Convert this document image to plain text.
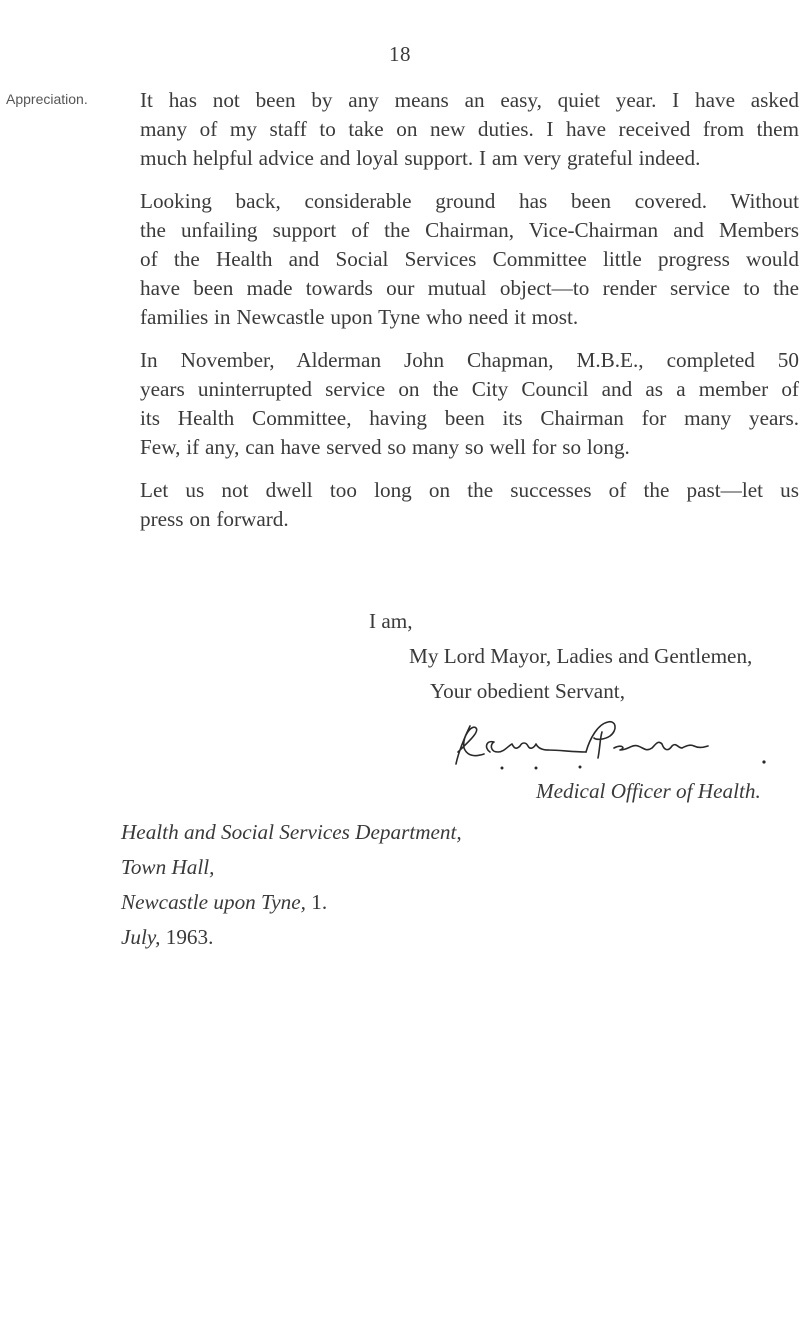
18
Appreciation.	It has not been by any means an easy, quiet year. I have asked
many of my staff to take on new duties. I have received from them
much helpful advice and loyal support. I am very grateful indeed.

Looking back, considerable ground has been covered. Without
the unfailing support of the Chairman, Vice-Chairman and Members
of the Health and Social Services Committee little progress would
have been made towards our mutual object—to render service to the
families in Newcastle upon Tyne who need it most.

In November, Alderman John Chapman, M.B.E., completed 50
years uninterrupted service on the City Council and as a member of
its Health Committee, having been its Chairman for many years.
Few, if any, can have served so many so well for so long.

Let us not dwell too long on the successes of the past—let us
press on forward.

I am,
My Lord Mayor, Ladies and Gentlemen,
Your obedient Servant,
Medical Officer of Health.
Health and Social Services Department,
Town Hall,
Newcastle upon Tyne, 1.
July, 1963.
